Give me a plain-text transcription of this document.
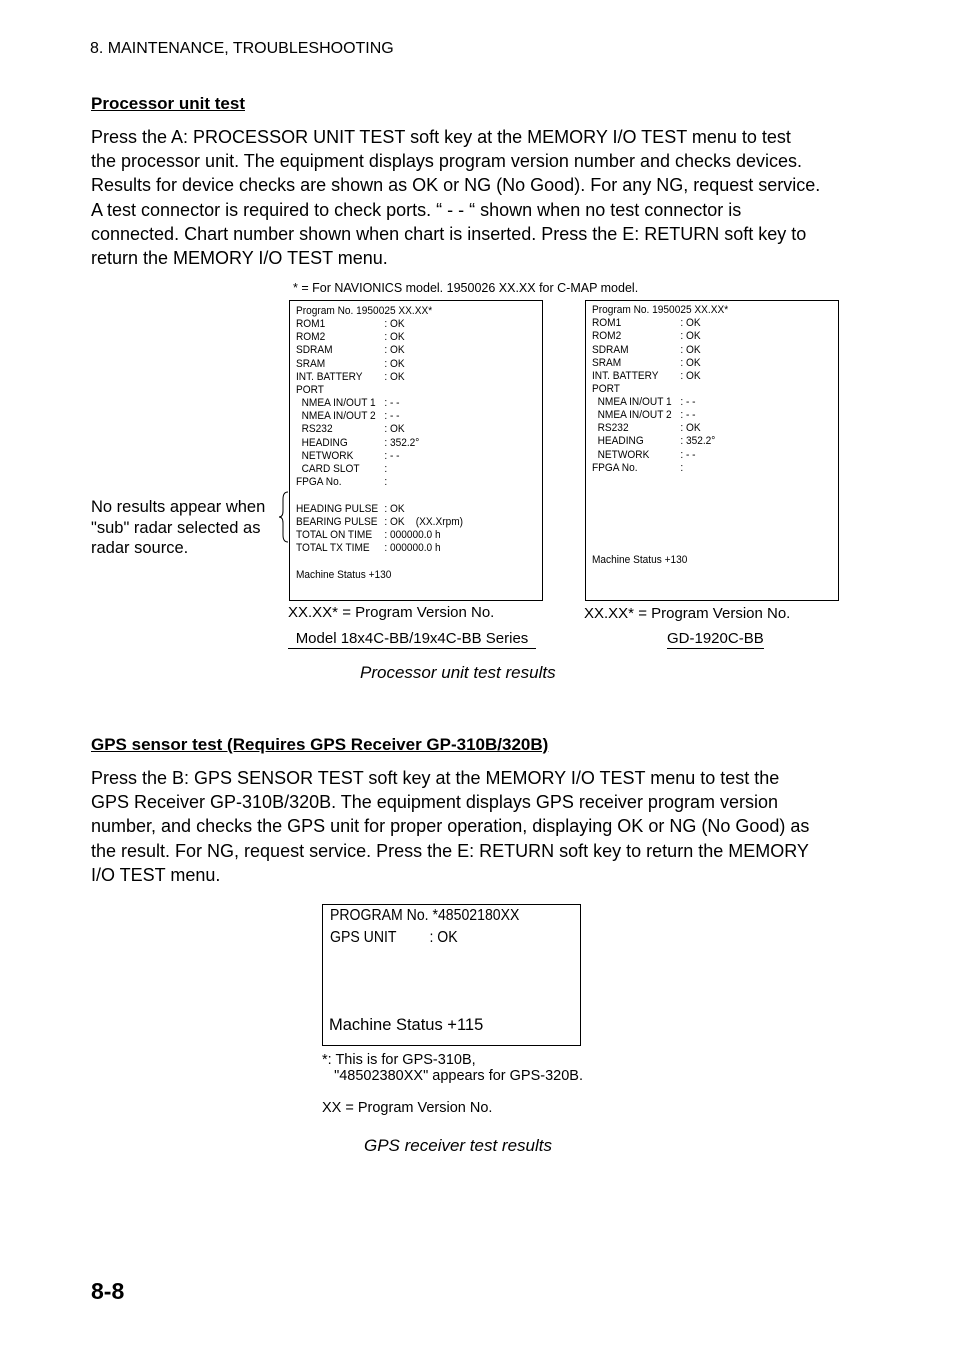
8. MAINTENANCE, TROUBLESHOOTING
Processor unit test
Press the A: PROCESSOR UNIT TEST soft key at the MEMORY I/O TEST menu to test
the processor unit. The equipment displays program version number and checks devices.
Results for device checks are shown as OK or NG (No Good). For any NG, request service.
A test connector is required to check ports. “ - - “ shown when no test connector is
connected. Chart number shown when chart is inserted. Press the E: RETURN soft key to
return the MEMORY I/O TEST menu.
* = For NAVIONICS model. 1950026 XX.XX for C-MAP model.
Program No. 1950025 XX.XX*
ROM1	: OK
ROM2	: OK
SDRAM	: OK
SRAM	: OK
INT. BATTERY : OK
PORT
NMEA IN/OUT 1 : - -
NMEA IN/OUT 2 : - -
RS232	: OK
HEADING	: 352.2°
NETWORK	: - -
CARD SLOT :
FPGA No.	:
HEADING PULSE : OK
BEARING PULSE : OK    (XX.Xrpm)
TOTAL ON TIME : 000000.0 h
TOTAL TX TIME : 000000.0 h
Machine Status +130
Program No. 1950025 XX.XX*
ROM1	: OK
ROM2	: OK
SDRAM	: OK
SRAM	: OK
INT. BATTERY : OK
PORT
NMEA IN/OUT 1 : - -
NMEA IN/OUT 2 : - -
RS232	: OK
HEADING	: 352.2°
NETWORK	: - -
FPGA No.	:
Machine Status +130
No results appear when
"sub" radar selected as
radar source.
XX.XX* = Program Version No.	XX.XX* = Program Version No.
Model 18x4C-BB/19x4C-BB Series	GD-1920C-BB
Processor unit test results
GPS sensor test (Requires GPS Receiver GP-310B/320B)
Press the B: GPS SENSOR TEST soft key at the MEMORY I/O TEST menu to test the
GPS Receiver GP-310B/320B. The equipment displays GPS receiver program version
number, and checks the GPS unit for proper operation, displaying OK or NG (No Good) as
the result. For NG, request service. Press the E: RETURN soft key to return the MEMORY
I/O TEST menu.
PROGRAM No. *48502180XX
GPS UNIT : OK
Machine Status +115
*: This is for GPS-310B,
"48502380XX" appears for GPS-320B.
XX = Program Version No.
GPS receiver test results
8-8
